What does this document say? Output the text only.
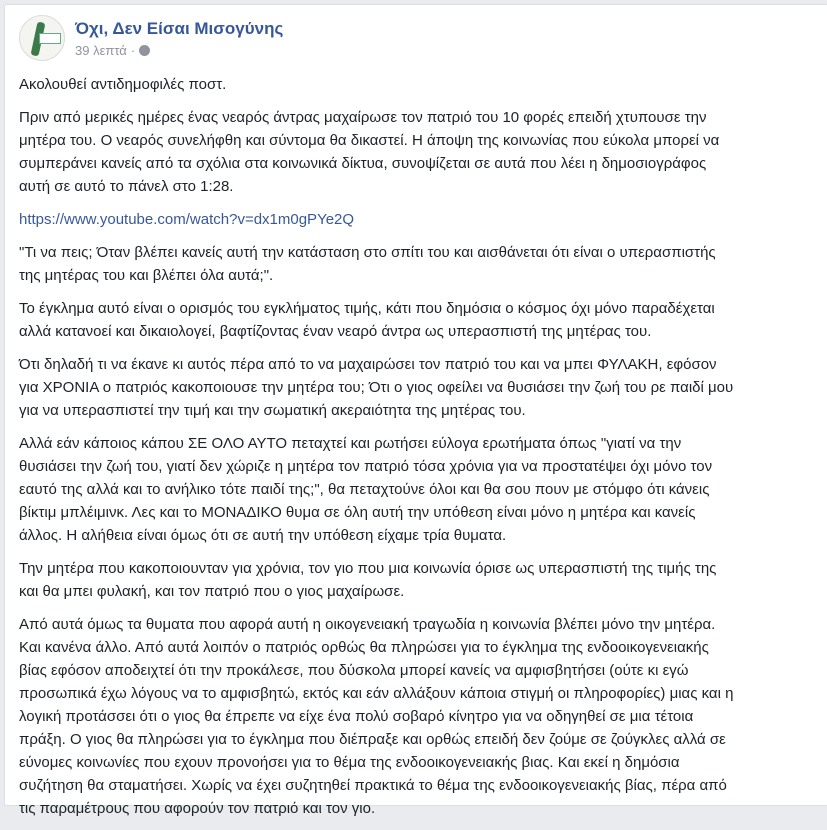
Όχι, Δεν Είσαι Μισογύνης
39 λεπτά ·
Ακολουθεί αντιδημοφιλές ποστ.
Πριν από μερικές ημέρες ένας νεαρός άντρας μαχαίρωσε τον πατριό του 10 φορές επειδή χτυπουσε την
μητέρα του. Ο νεαρός συνελήφθη και σύντομα θα δικαστεί. Η άποψη της κοινωνίας που εύκολα μπορεί να
συμπεράνει κανείς από τα σχόλια στα κοινωνικά δίκτυα, συνοψίζεται σε αυτά που λέει η δημοσιογράφος
αυτή σε αυτό το πάνελ στο 1:28.
https://www.youtube.com/watch?v=dx1m0gPYe2Q
"Τι να πεις; Όταν βλέπει κανείς αυτή την κατάσταση στο σπίτι του και αισθάνεται ότι είναι ο υπερασπιστής
της μητέρας του και βλέπει όλα αυτά;".
Το έγκλημα αυτό είναι ο ορισμός του εγκλήματος τιμής, κάτι που δημόσια ο κόσμος όχι μόνο παραδέχεται
αλλά κατανοεί και δικαιολογεί, βαφτίζοντας έναν νεαρό άντρα ως υπερασπιστή της μητέρας του.
Ότι δηλαδή τι να έκανε κι αυτός πέρα από το να μαχαιρώσει τον πατριό του και να μπει ΦΥΛΑΚΗ, εφόσον
για ΧΡΟΝΙΑ ο πατριός κακοποιουσε την μητέρα του; Ότι ο γιος οφείλει να θυσιάσει την ζωή του ρε παιδί μου
για να υπερασπιστεί την τιμή και την σωματική ακεραιότητα της μητέρας του.
Αλλά εάν κάποιος κάπου ΣΕ ΟΛΟ ΑΥΤΟ πεταχτεί και ρωτήσει εύλογα ερωτήματα όπως "γιατί να την
θυσιάσει την ζωή του, γιατί δεν χώριζε η μητέρα τον πατριό τόσα χρόνια για να προστατέψει όχι μόνο τον
εαυτό της αλλά και το ανήλικο τότε παιδί της;", θα πεταχτούνε όλοι και θα σου πουν με στόμφο ότι κάνεις
βίκτιμ μπλέιμινκ. Λες και το ΜΟΝΑΔΙΚΟ θυμα σε όλη αυτή την υπόθεση είναι μόνο η μητέρα και κανείς
άλλος. Η αλήθεια είναι όμως ότι σε αυτή την υπόθεση είχαμε τρία θυματα.
Την μητέρα που κακοποιουνταν για χρόνια, τον γιο που μια κοινωνία όρισε ως υπερασπιστή της τιμής της
και θα μπει φυλακή, και τον πατριό που ο γιος μαχαίρωσε.
Από αυτά όμως τα θυματα που αφορά αυτή η οικογενειακή τραγωδία η κοινωνία βλέπει μόνο την μητέρα.
Και κανένα άλλο. Από αυτά λοιπόν ο πατριός ορθώς θα πληρώσει για το έγκλημα της ενδοοικογενειακής
βίας εφόσον αποδειχτεί ότι την προκάλεσε, που δύσκολα μπορεί κανείς να αμφισβητήσει (ούτε κι εγώ
προσωπικά έχω λόγους να το αμφισβητώ, εκτός και εάν αλλάξουν κάποια στιγμή οι πληροφορίες) μιας και η
λογική προτάσσει ότι ο γιος θα έπρεπε να είχε ένα πολύ σοβαρό κίνητρο για να οδηγηθεί σε μια τέτοια
πράξη. Ο γιος θα πληρώσει για το έγκλημα που διέπραξε και ορθώς επειδή δεν ζούμε σε ζούγκλες αλλά σε
εύνομες κοινωνίες που εχουν προνοήσει για το θέμα της ενδοοικογενειακής βιας. Και εκεί η δημόσια
συζήτηση θα σταματήσει. Χωρίς να έχει συζητηθεί πρακτικά το θέμα της ενδοοικογενειακής βίας, πέρα από
τις παραμέτρους που αφορούν τον πατριό και τον γιο.
